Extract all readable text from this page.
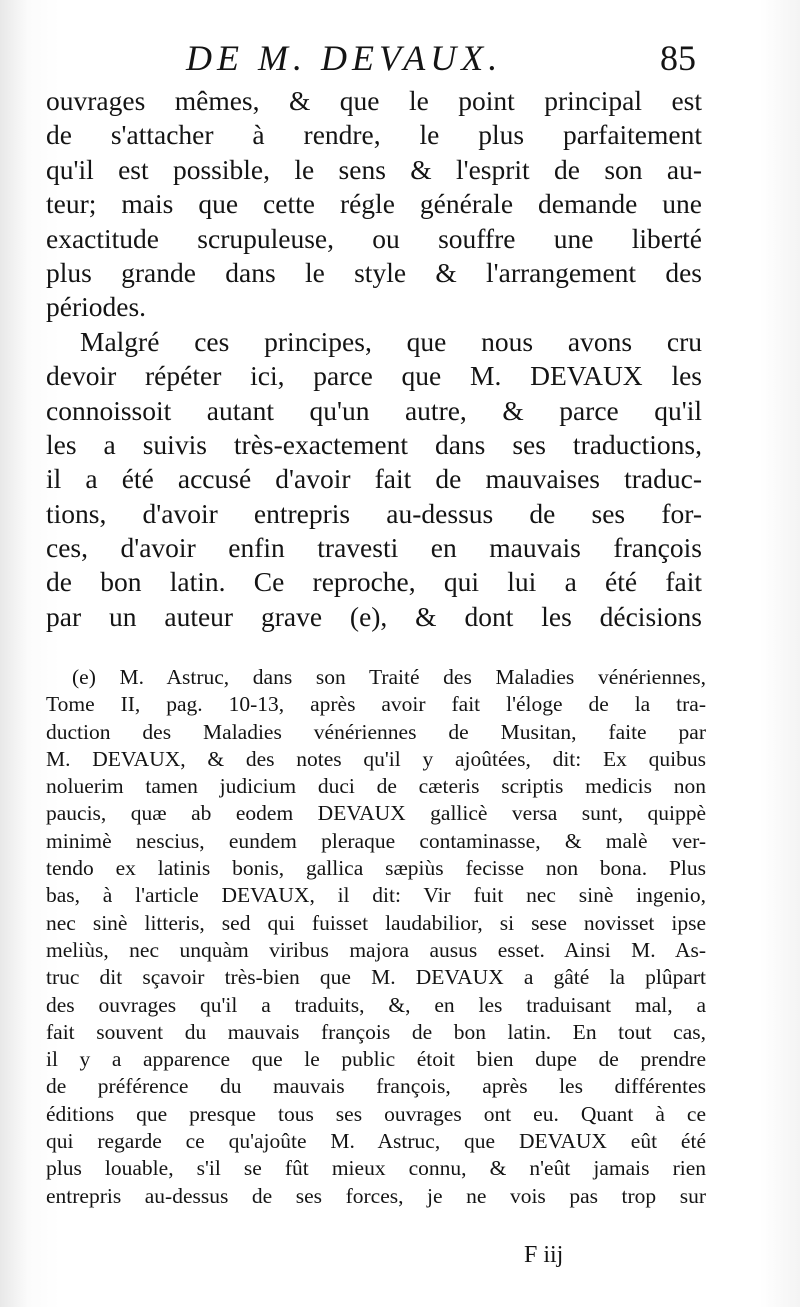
DE M. DEVAUX.	85
ouvrages mêmes, & que le point principal est
de s'attacher à rendre, le plus parfaitement
qu'il est possible, le sens & l'esprit de son au-
teur; mais que cette régle générale demande une
exactitude scrupuleuse, ou souffre une liberté
plus grande dans le style & l'arrangement des
périodes.
Malgré ces principes, que nous avons cru
devoir répéter ici, parce que M. DEVAUX les
connoissoit autant qu'un autre, & parce qu'il
les a suivis très-exactement dans ses traductions,
il a été accusé d'avoir fait de mauvaises traduc-
tions, d'avoir entrepris au-dessus de ses for-
ces, d'avoir enfin travesti en mauvais françois
de bon latin. Ce reproche, qui lui a été fait
par un auteur grave (e), & dont les décisions
(e) M. Astruc, dans son Traité des Maladies vénériennes,
Tome II, pag. 10-13, après avoir fait l'éloge de la tra-
duction des Maladies vénériennes de Musitan, faite par
M. DEVAUX, & des notes qu'il y ajoûtées, dit: Ex quibus
noluerim tamen judicium duci de cæteris scriptis medicis non
paucis, quæ ab eodem DEVAUX gallicè versa sunt, quippè
minimè nescius, eundem pleraque contaminasse, & malè ver-
tendo ex latinis bonis, gallica sæpiùs fecisse non bona. Plus
bas, à l'article DEVAUX, il dit: Vir fuit nec sinè ingenio,
nec sinè litteris, sed qui fuisset laudabilior, si sese novisset ipse
meliùs, nec unquàm viribus majora ausus esset. Ainsi M. As-
truc dit sçavoir très-bien que M. DEVAUX a gâté la plûpart
des ouvrages qu'il a traduits, &, en les traduisant mal, a
fait souvent du mauvais françois de bon latin. En tout cas,
il y a apparence que le public étoit bien dupe de prendre
de préférence du mauvais françois, après les différentes
éditions que presque tous ses ouvrages ont eu. Quant à ce
qui regarde ce qu'ajoûte M. Astruc, que DEVAUX eût été
plus louable, s'il se fût mieux connu, & n'eût jamais rien
entrepris au-dessus de ses forces, je ne vois pas trop sur
F iij
